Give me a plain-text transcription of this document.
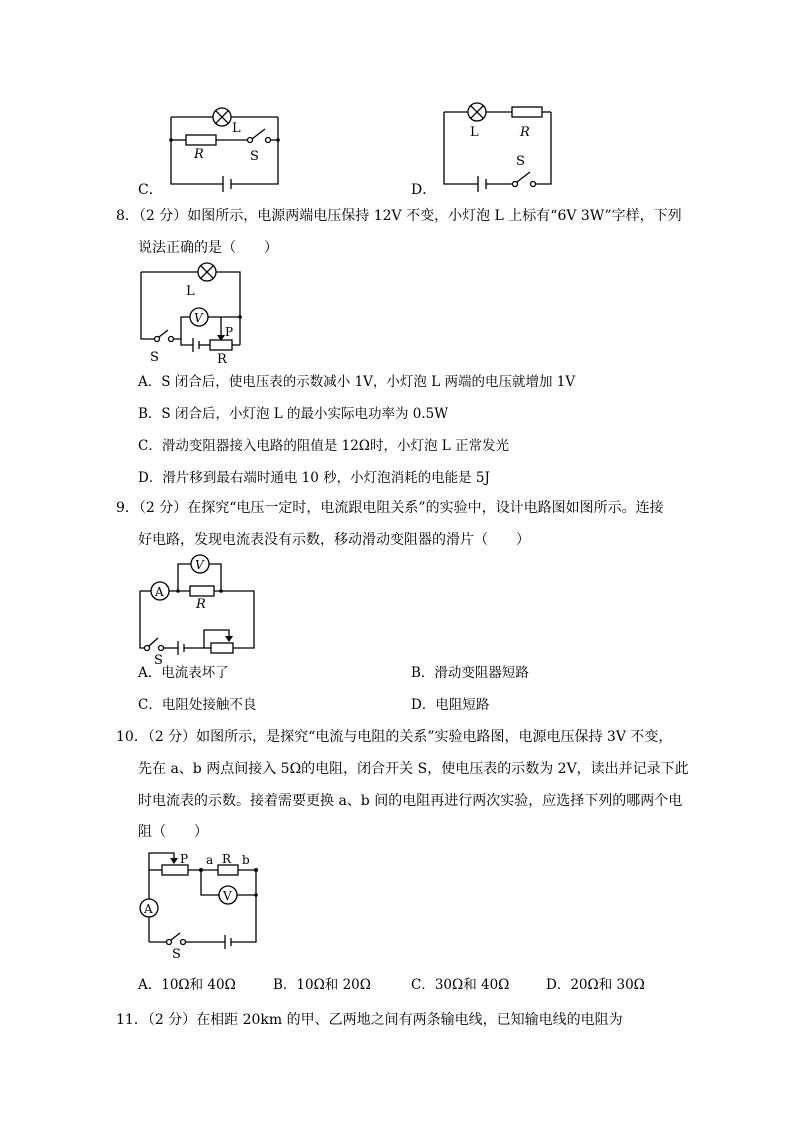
C．
L
R	S
D．
L	R
S
8．（2 分）如图所示，电源两端电压保持 12V 不变，小灯泡 L 上标有“6V 3W”字样，下列
说法正确的是（　　）
V
L
P
S	R
A．S 闭合后，使电压表的示数减小 1V，小灯泡 L 两端的电压就增加 1V
B．S 闭合后，小灯泡 L 的最小实际电功率为 0.5W
C．滑动变阻器接入电路的阻值是 12Ω时，小灯泡 L 正常发光
D．滑片移到最右端时通电 10 秒，小灯泡消耗的电能是 5J
9．（2 分）在探究“电压一定时，电流跟电阻关系”的实验中，设计电路图如图所示。连接
好电路，发现电流表没有示数，移动滑动变阻器的滑片（　　）
A
V
R
S
A．电流表坏了	B．滑动变阻器短路
C．电阻处接触不良	D．电阻短路
10．（2 分）如图所示，是探究“电流与电阻的关系”实验电路图，电源电压保持 3V 不变，
先在 a、b 两点间接入 5Ω的电阻，闭合开关 S，使电压表的示数为 2V，读出并记录下此
时电流表的示数。接着需要更换 a、b 间的电阻再进行两次实验，应选择下列的哪两个电
阻（　　）
P a R b
V
A
S
A．10Ω和 40Ω	B．10Ω和 20Ω	C．30Ω和 40Ω	D．20Ω和 30Ω
11．（2 分）在相距 20km 的甲、乙两地之间有两条输电线，已知输电线的电阻为
